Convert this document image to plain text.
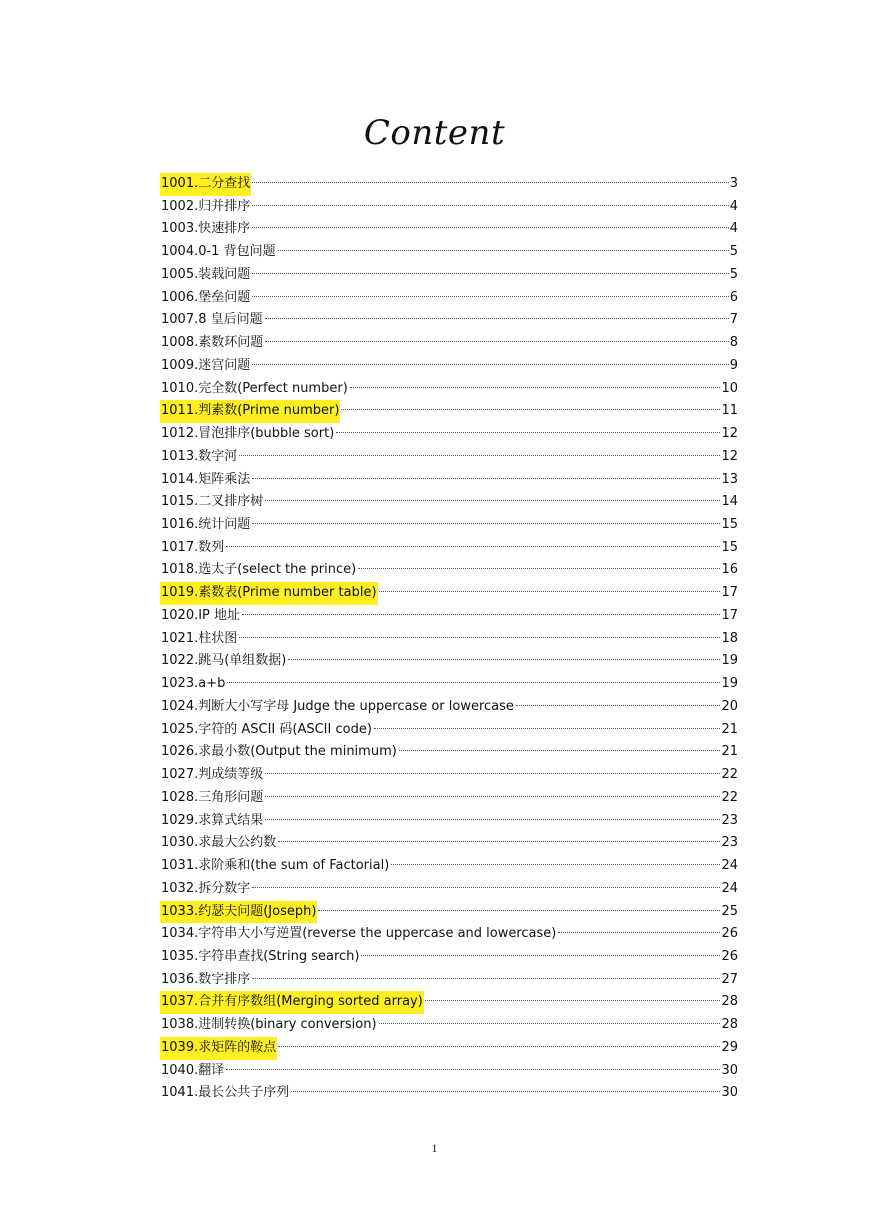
Content
1001.二分查找	3
1002.归并排序	4
1003.快速排序	4
1004.0-1 背包问题	5
1005.装载问题	5
1006.堡垒问题	6
1007.8 皇后问题	7
1008.素数环问题	8
1009.迷宫问题	9
1010.完全数(Perfect number)	10
1011.判素数(Prime number)	11
1012.冒泡排序(bubble sort)	12
1013.数字河	12
1014.矩阵乘法	13
1015.二叉排序树	14
1016.统计问题	15
1017.数列	15
1018.选太子(select the prince)	16
1019.素数表(Prime number table)	17
1020.IP 地址	17
1021.柱状图	18
1022.跳马(单组数据)	19
1023.a+b	19
1024.判断大小写字母 Judge the uppercase or lowercase	20
1025.字符的 ASCII 码(ASCII code)	21
1026.求最小数(Output the minimum)	21
1027.判成绩等级	22
1028.三角形问题	22
1029.求算式结果	23
1030.求最大公约数	23
1031.求阶乘和(the sum of Factorial)	24
1032.拆分数字	24
1033.约瑟夫问题(Joseph)	25
1034.字符串大小写逆置(reverse the uppercase and lowercase)	26
1035.字符串查找(String search)	26
1036.数字排序	27
1037.合并有序数组(Merging sorted array)	28
1038.进制转换(binary conversion)	28
1039.求矩阵的鞍点	29
1040.翻译	30
1041.最长公共子序列	30
1
